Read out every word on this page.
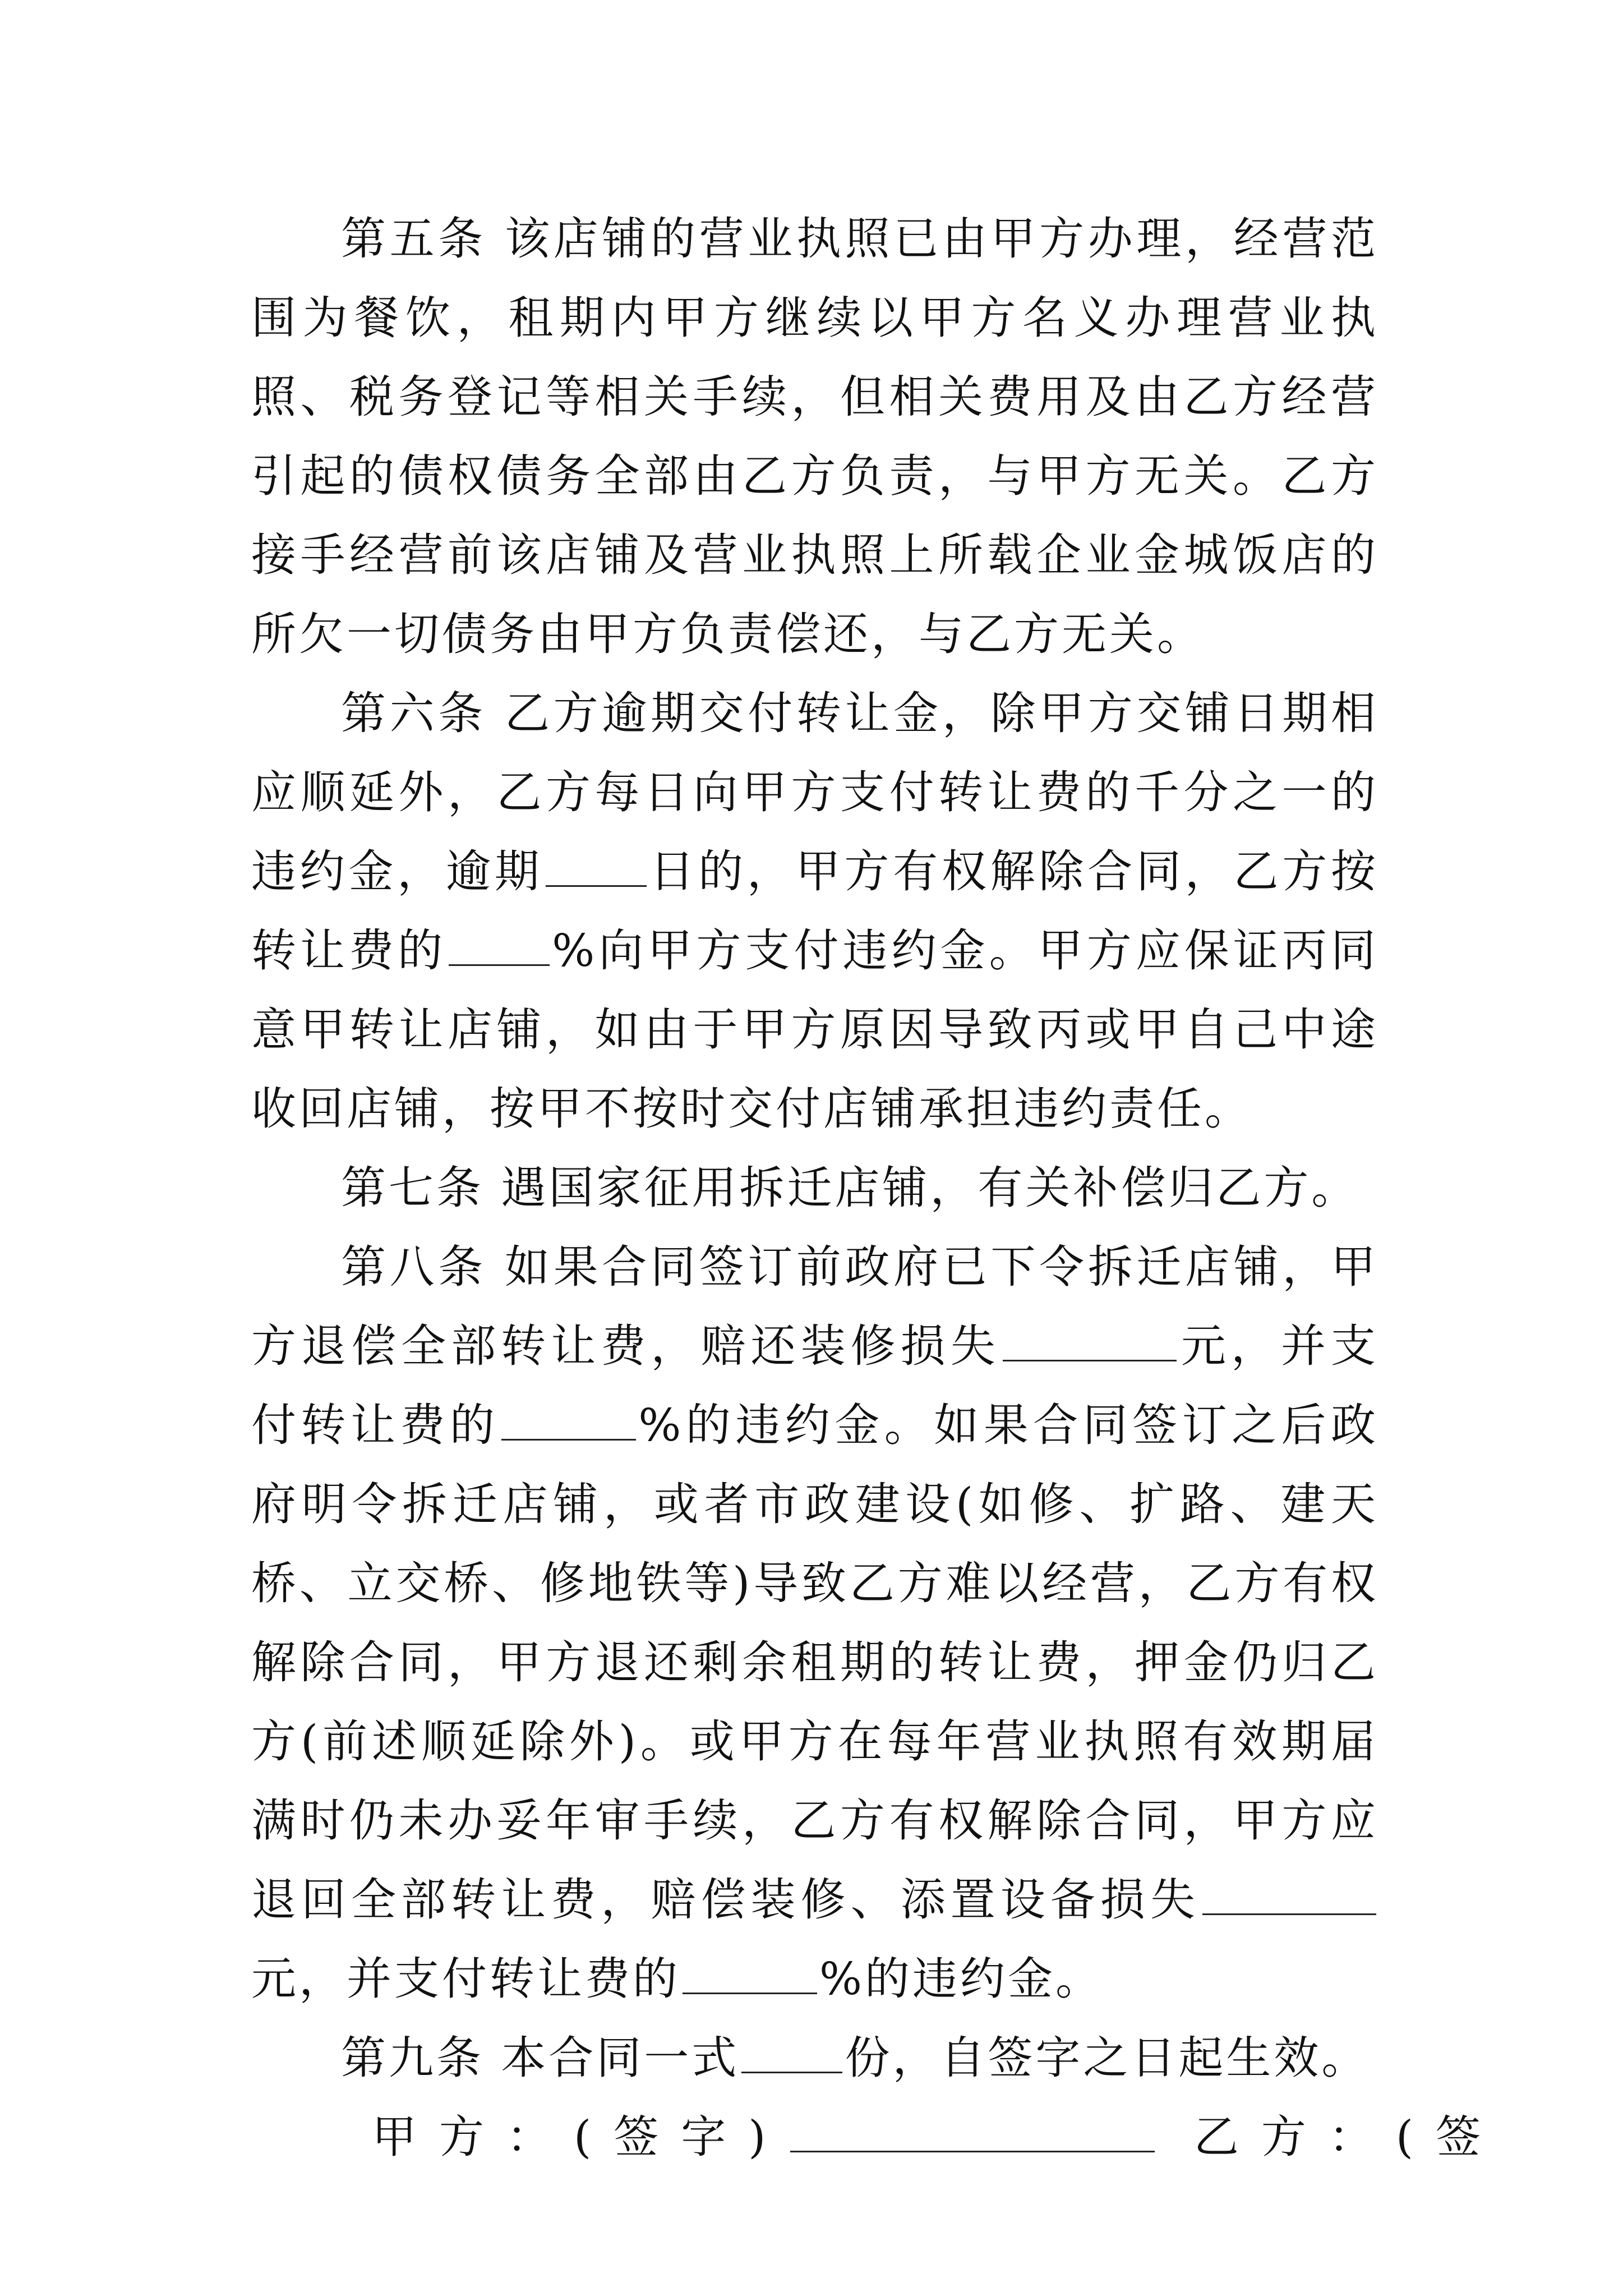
第五条 该店铺的营业执照已由甲方办理，经营范围为餐饮，租期内甲方继续以甲方名义办理营业执照、税务登记等相关手续，但相关费用及由乙方经营引起的债权债务全部由乙方负责，与甲方无关。乙方接手经营前该店铺及营业执照上所载企业金城饭店的所欠一切债务由甲方负责偿还，与乙方无关。

第六条 乙方逾期交付转让金，除甲方交铺日期相应顺延外，乙方每日向甲方支付转让费的千分之一的违约金，逾期 日的，甲方有权解除合同，乙方按转让费的 %向甲方支付违约金。甲方应保证丙同意甲转让店铺，如由于甲方原因导致丙或甲自己中途收回店铺，按甲不按时交付店铺承担违约责任。

第七条 遇国家征用拆迁店铺，有关补偿归乙方。

第八条 如果合同签订前政府已下令拆迁店铺，甲方退偿全部转让费，赔还装修损失	元，并支付转让费的	%的违约金。如果合同签订之后政府明令拆迁店铺，或者市政建设(如修、扩路、建天桥、立交桥、修地铁等)导致乙方难以经营，乙方有权解除合同，甲方退还剩余租期的转让费，押金仍归乙方(前述顺延除外)。或甲方在每年营业执照有效期届满时仍未办妥年审手续，乙方有权解除合同，甲方应退回全部转让费，赔偿装修、添置设备损失元，并支付转让费的	%的违约金。

第九条 本合同一式 份，自签字之日起生效。

甲方：(签字)	乙方：(签
